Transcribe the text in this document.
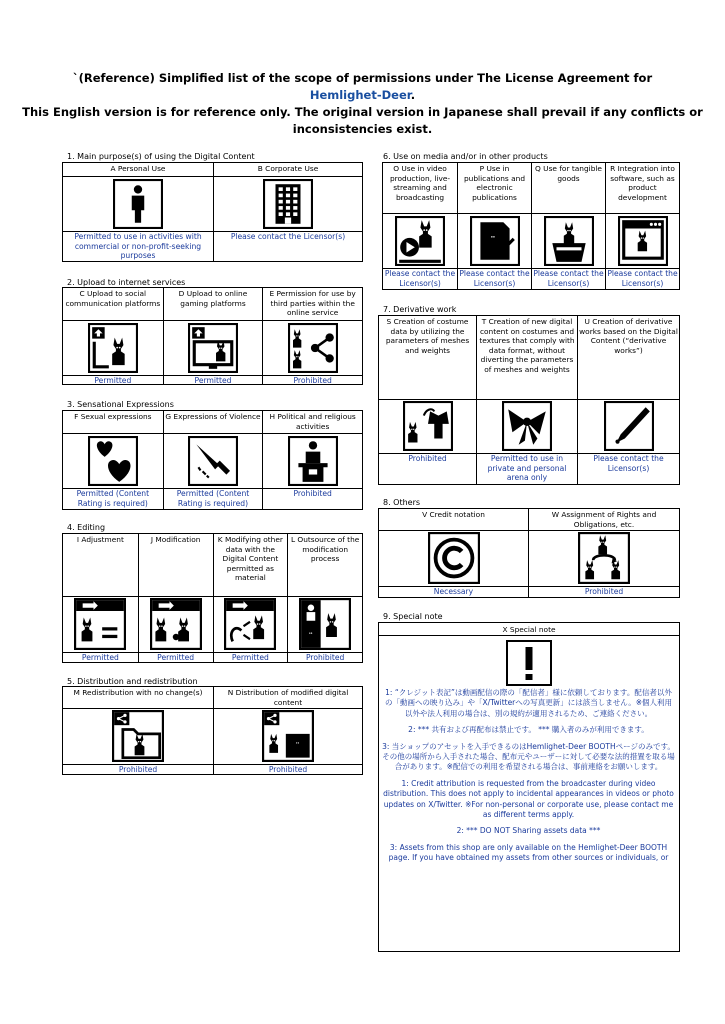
`(Reference) Simplified list of the scope of permissions under The License Agreement for
Hemlighet-Deer.
This English version is for reference only. The original version in Japanese shall prevail if any conflicts or
inconsistencies exist.
1. Main purpose(s) of using the Digital Content
2. Upload to internet services
3. Sensational Expressions
4. Editing
5. Distribution and redistribution
6. Use on media and/or in other products
7. Derivative work
8. Others
9. Special note
A Personal Use
Permitted to use in activities with commercial or non-profit-seeking purposes
B Corporate Use
Please contact the Licensor(s)
C Upload to social communication platforms
Permitted
D Upload to online gaming platforms
Permitted
E Permission for use by third parties within the online service
Prohibited
F Sexual expressions
Permitted (Content Rating is required)
G Expressions of Violence
Permitted (Content Rating is required)
H Political and religious activities
Prohibited
I Adjustment
Permitted
J Modification
Permitted
K Modifying other data with the Digital Content permitted as material
Permitted
L Outsource of the modification process
Prohibited
M Redistribution with no change(s)
Prohibited
N Distribution of modified digital content
Prohibited
O Use in video production, live-streaming and broadcasting
Please contact the Licensor(s)
P Use in publications and electronic publications
Please contact the Licensor(s)
Q Use for tangible goods
Please contact the Licensor(s)
R Integration into software, such as product development
Please contact the Licensor(s)
S Creation of costume data by utilizing the parameters of meshes and weights
Prohibited
T Creation of new digital content on costumes and textures that comply with data format, without diverting the parameters of meshes and weights
Permitted to use in private and personal arena only
U Creation of derivative works based on the Digital Content (“derivative works”)
Please contact the Licensor(s)
V Credit notation
Necessary
W Assignment of Rights and Obligations, etc.
Prohibited
X Special note

1: “クレジット表記”は動画配信の際の「配信者」様に依頼しております。配信者以外の「動画への映り込み」や「X/Twitterへの写真更新」には該当しません。※個人利用以外や法人利用の場合は、別の規約が適用されるため、ご連絡ください。

2: *** 共有および再配布は禁止です。 *** 購入者のみが利用できます。

3: 当ショップのアセットを入手できるのはHemlighet-Deer BOOTHページのみです。その他の場所から入手された場合、配布元やユーザーに対して必要な法的措置を取る場合があります。※配信での利用を希望される場合は、事前連絡をお願いします。

1: Credit attribution is requested from the broadcaster during video distribution. This does not apply to incidental appearances in videos or photo updates on X/Twitter. ※For non-personal or corporate use, please contact me as different terms apply.

2: *** DO NOT Sharing assets data ***

3: Assets from this shop are only available on the Hemlighet-Deer BOOTH page. If you have obtained my assets from other sources or individuals, or
